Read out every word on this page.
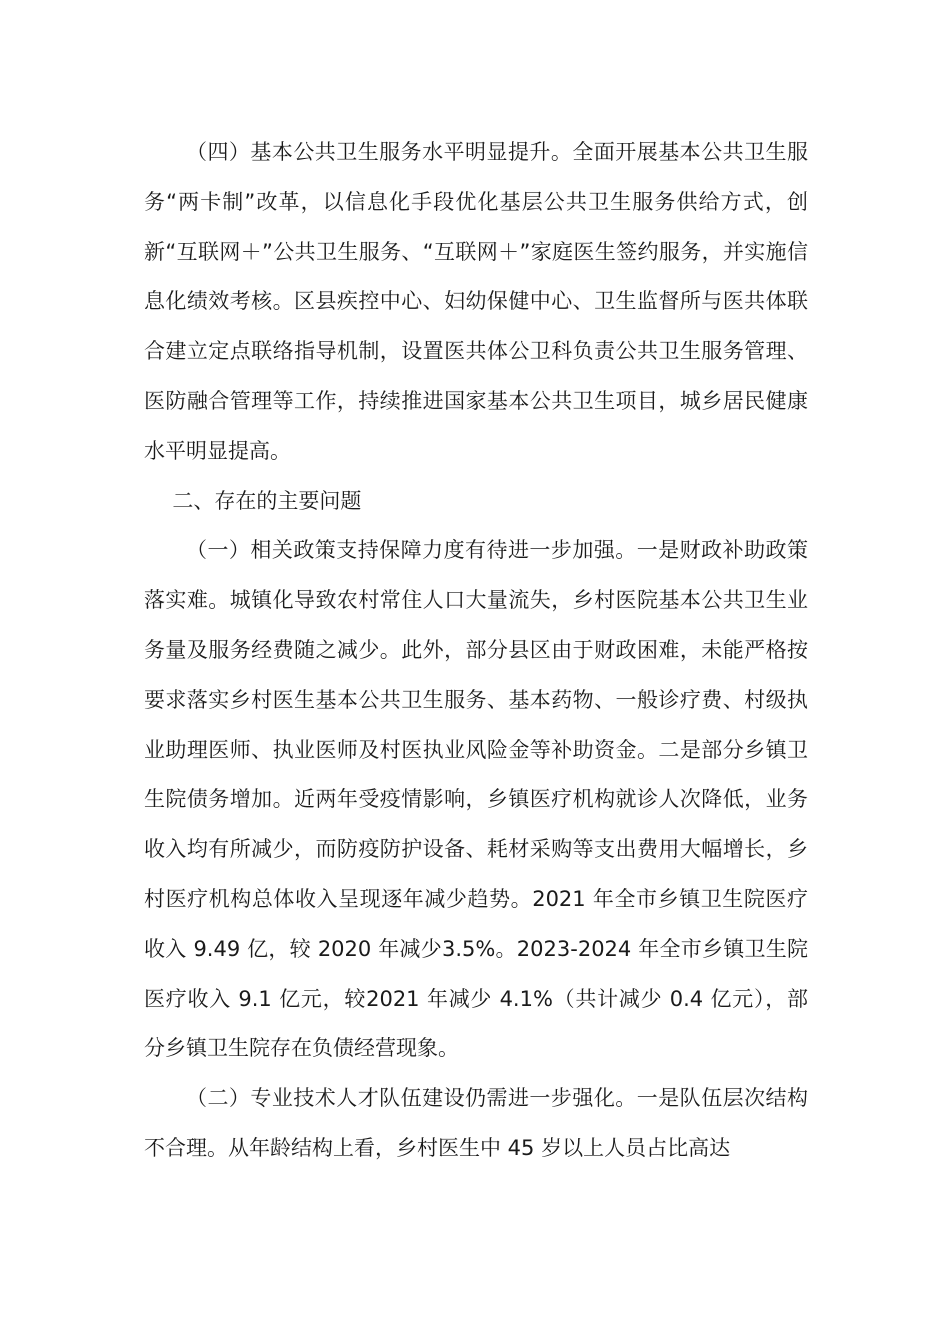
（四）基本公共卫生服务水平明显提升。全面开展基本公共卫生服务“两卡制”改革，以信息化手段优化基层公共卫生服务供给方式，创新“互联网＋”公共卫生服务、“互联网＋”家庭医生签约服务，并实施信息化绩效考核。区县疾控中心、妇幼保健中心、卫生监督所与医共体联合建立定点联络指导机制，设置医共体公卫科负责公共卫生服务管理、医防融合管理等工作，持续推进国家基本公共卫生项目，城乡居民健康水平明显提高。

二、存在的主要问题

（一）相关政策支持保障力度有待进一步加强。一是财政补助政策落实难。城镇化导致农村常住人口大量流失，乡村医院基本公共卫生业务量及服务经费随之减少。此外，部分县区由于财政困难，未能严格按要求落实乡村医生基本公共卫生服务、基本药物、一般诊疗费、村级执业助理医师、执业医师及村医执业风险金等补助资金。二是部分乡镇卫生院债务增加。近两年受疫情影响，乡镇医疗机构就诊人次降低，业务收入均有所减少，而防疫防护设备、耗材采购等支出费用大幅增长，乡村医疗机构总体收入呈现逐年减少趋势。2021 年全市乡镇卫生院医疗收入 9.49 亿，较 2020 年减少3.5%。2023-2024 年全市乡镇卫生院医疗收入 9.1 亿元，较2021 年减少 4.1%（共计减少 0.4 亿元），部分乡镇卫生院存在负债经营现象。

（二）专业技术人才队伍建设仍需进一步强化。一是队伍层次结构不合理。从年龄结构上看，乡村医生中 45 岁以上人员占比高达
